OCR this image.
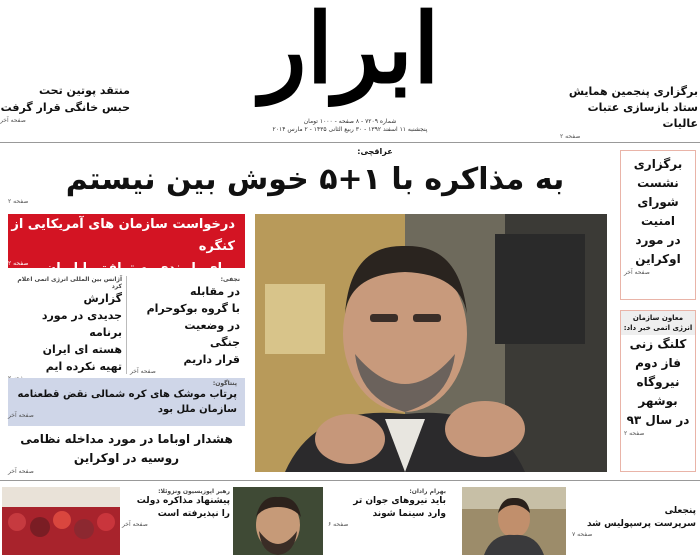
ابرار
شماره ۷۲۰۹ - ۸ صفحه - ۱۰۰۰ تومان
پنجشنبه ۱۱ اسفند ۱۳۹۲ - ۳۰ ربیع الثانی ۱۴۳۵ - ۲ مارس ۲۰۱۴
منتقد پوتین تحت
حبس خانگی قرار گرفت
صفحه آخر
برگزاری پنجمین همایش
ستاد بازسازی عتبات عالیات
صفحه ۲
عراقچی:
به مذاکره با ۱+۵ خوش بین نیستم
صفحه ۲
درخواست سازمان های آمریکایی از کنگره
برای پایبندی به توافق با ایران
صفحه ۲
نجفی:
در مقابله
با گروه بوکوحرام
در وضعیت
جنگی
قرار داریم
صفحه آخر
آژانس بین المللی انرژی اتمی اعلام کرد
گزارش
جدیدی در مورد
برنامه
هسته ای ایران
تهیه نکرده ایم
پنتاگون:
پرتاب موشک های کره شمالی نقض قطعنامه
سازمان ملل بود
صفحه آخر
هشدار اوباما در مورد مداخله نظامی
روسیه در اوکراین
صفحه آخر
برگزاری
نشست
شورای
امنیت
در مورد
اوکراین
صفحه آخر
معاون سازمان انرژی اتمی خبر داد:
کلنگ زنی
فاز دوم
نیروگاه
بوشهر
در سال ۹۳
صفحه ۲
رهبر اپوزیسیون ونزوئلا:
پیشنهاد مذاکره دولت
را نپذیرفته است
صفحه آخر
بهرام رادان:
باید نیروهای جوان تر
وارد سینما شوند
صفحه ۶
پنجعلی
سرپرست پرسپولیس شد
صفحه ۷
